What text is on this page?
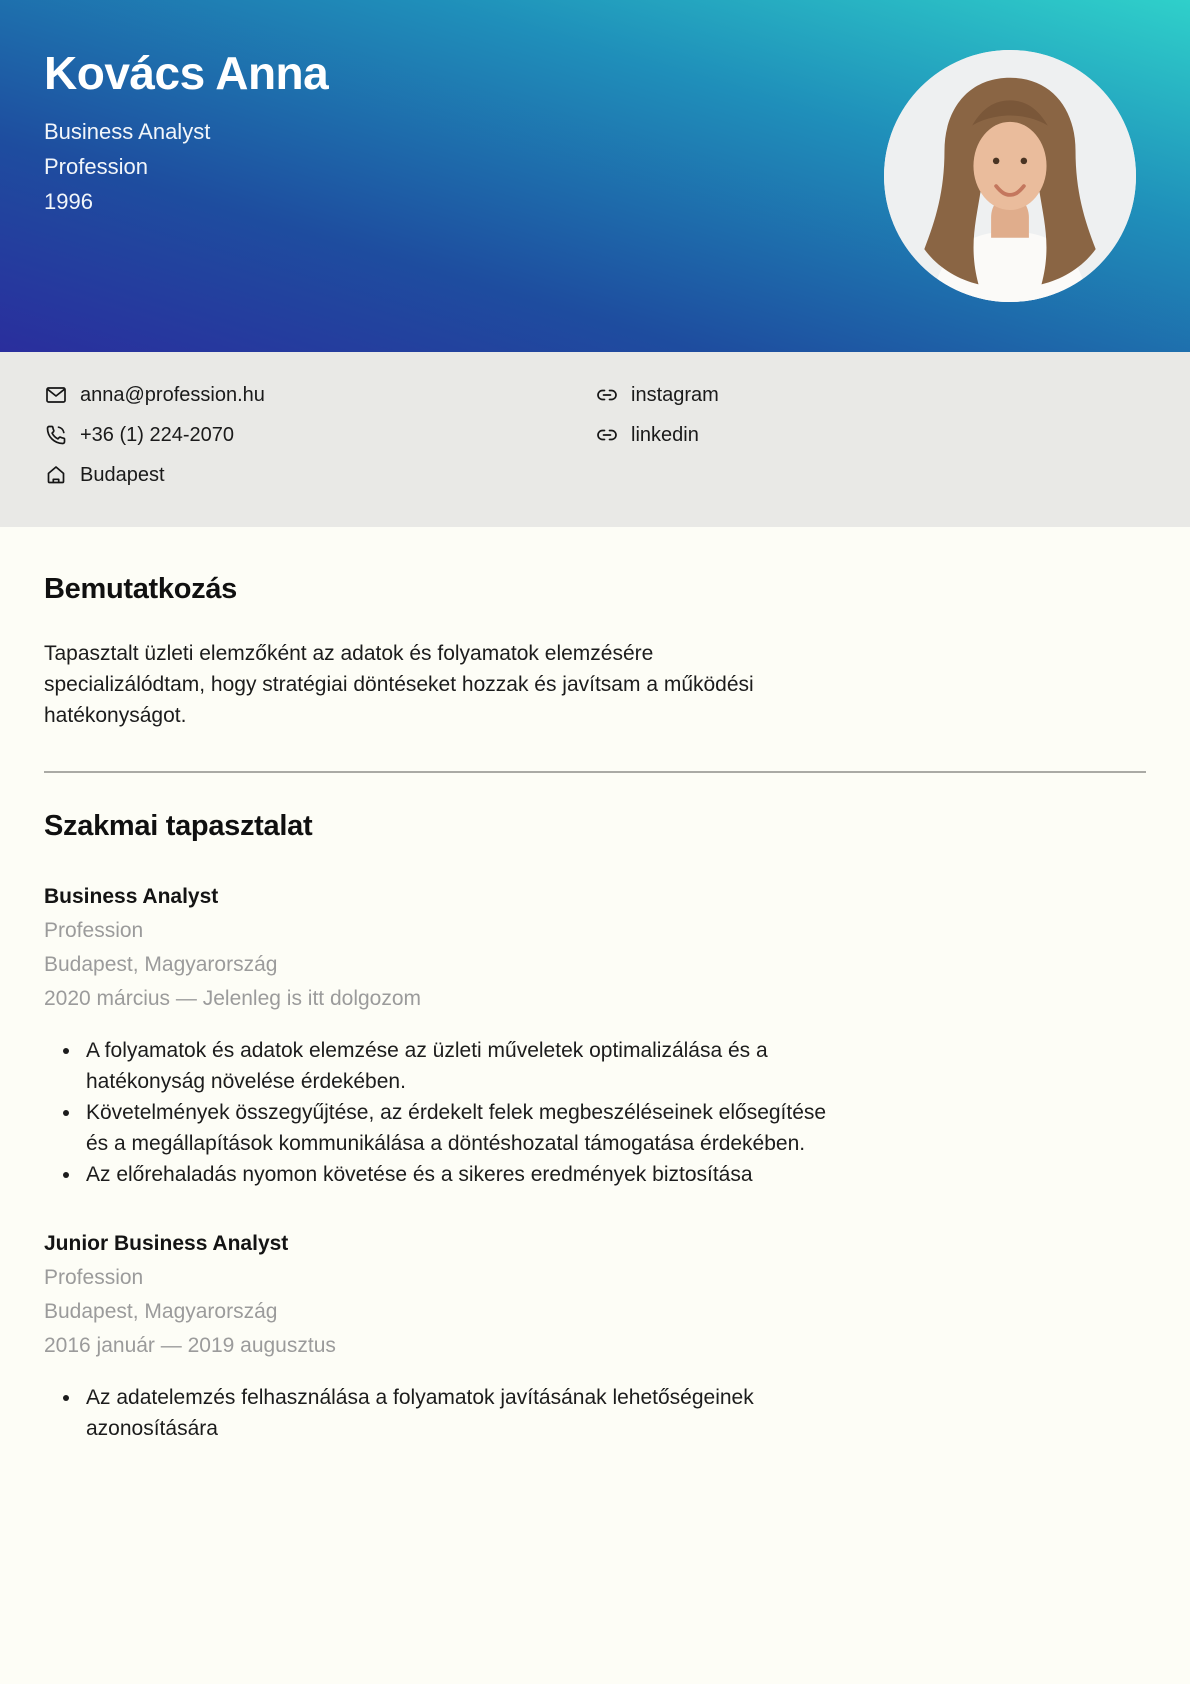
Kovács Anna
Business Analyst
Profession
1996
anna@profession.hu
+36 (1) 224-2070
Budapest
instagram
linkedin
Bemutatkozás

Tapasztalt üzleti elemzőként az adatok és folyamatok elemzésére specializálódtam, hogy stratégiai döntéseket hozzak és javítsam a működési hatékonyságot.

Szakmai tapasztalat
Business Analyst
Profession
Budapest, Magyarország
2020 március — Jelenleg is itt dolgozom
• A folyamatok és adatok elemzése az üzleti műveletek optimalizálása és a hatékonyság növelése érdekében.
• Követelmények összegyűjtése, az érdekelt felek megbeszéléseinek elősegítése és a megállapítások kommunikálása a döntéshozatal támogatása érdekében.
• Az előrehaladás nyomon követése és a sikeres eredmények biztosítása
Junior Business Analyst
Profession
Budapest, Magyarország
2016 január — 2019 augusztus
• Az adatelemzés felhasználása a folyamatok javításának lehetőségeinek azonosítására
